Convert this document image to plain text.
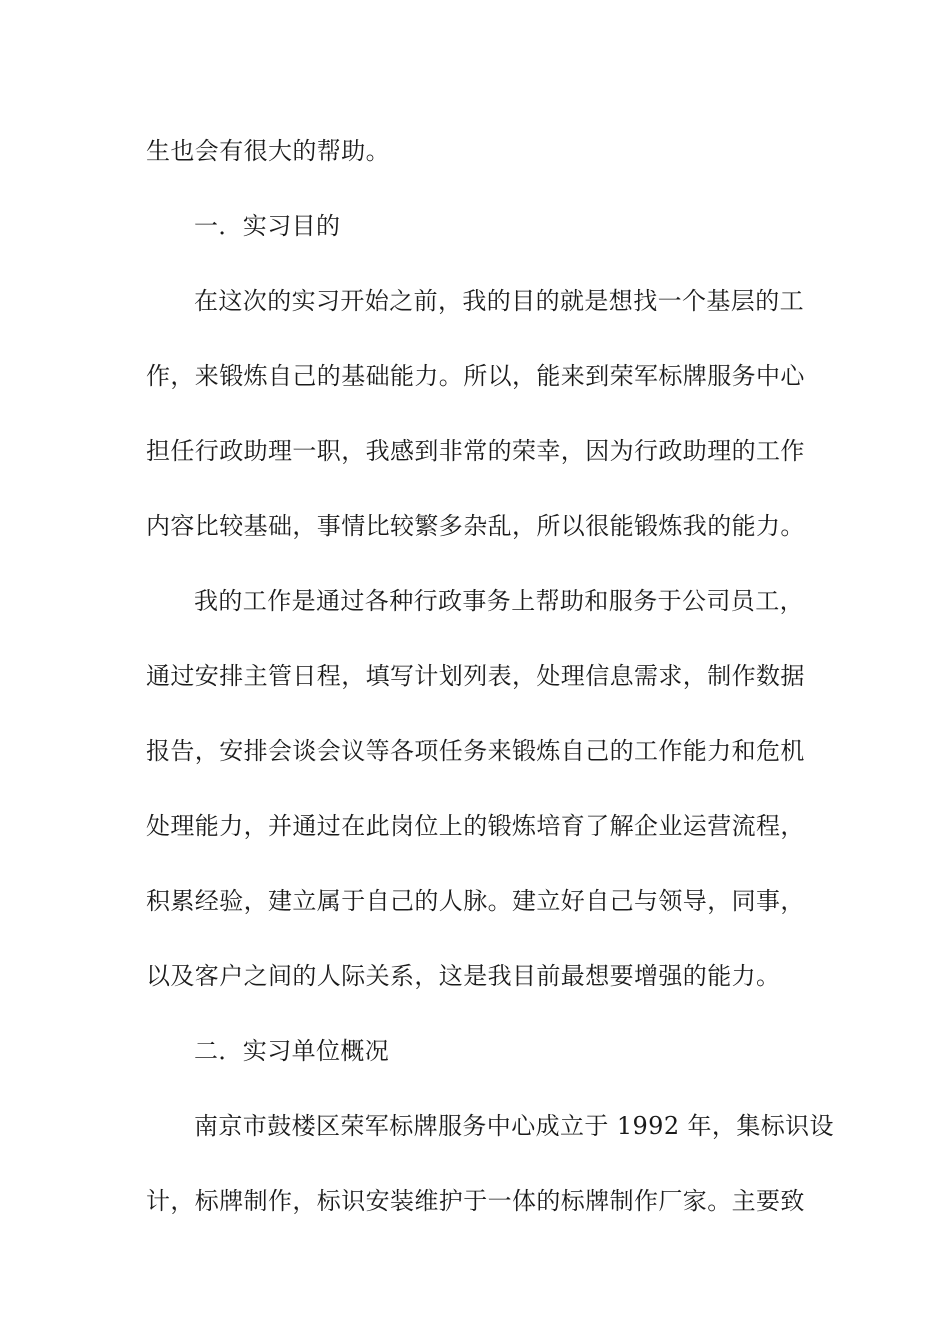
生也会有很大的帮助。
一．实习目的
在这次的实习开始之前，我的目的就是想找一个基层的工
作，来锻炼自己的基础能力。所以，能来到荣军标牌服务中心
担任行政助理一职，我感到非常的荣幸，因为行政助理的工作
内容比较基础，事情比较繁多杂乱，所以很能锻炼我的能力。
我的工作是通过各种行政事务上帮助和服务于公司员工，
通过安排主管日程，填写计划列表，处理信息需求，制作数据
报告，安排会谈会议等各项任务来锻炼自己的工作能力和危机
处理能力，并通过在此岗位上的锻炼培育了解企业运营流程，
积累经验，建立属于自己的人脉。建立好自己与领导，同事，
以及客户之间的人际关系，这是我目前最想要增强的能力。
二．实习单位概况
南京市鼓楼区荣军标牌服务中心成立于 1992 年，集标识设
计，标牌制作，标识安装维护于一体的标牌制作厂家。主要致
